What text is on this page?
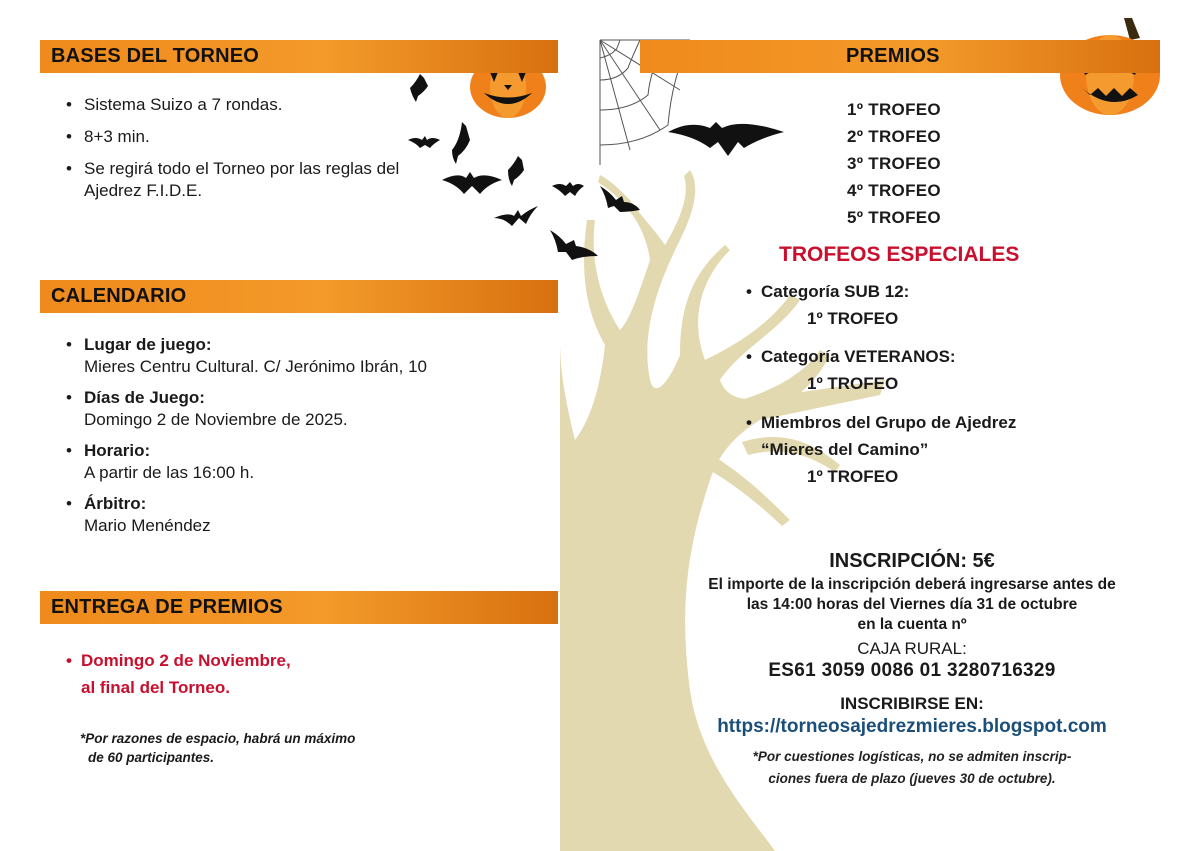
BASES DEL TORNEO
• Sistema Suizo a 7 rondas.
• 8+3 min.
• Se regirá todo el Torneo por las reglas del Ajedrez F.I.D.E.
CALENDARIO
• Lugar de juego:
Mieres Centru Cultural. C/ Jerónimo Ibrán, 10
• Días de Juego:
Domingo 2 de Noviembre de 2025.
• Horario:
A partir de las 16:00 h.
• Árbitro:
Mario Menéndez
ENTREGA DE PREMIOS
• Domingo 2 de Noviembre,
al final del Torneo.
*Por razones de espacio, habrá un máximo
de 60 participantes.
PREMIOS
1º TROFEO
2º TROFEO
3º TROFEO
4º TROFEO
5º TROFEO
TROFEOS ESPECIALES
• Categoría SUB 12:
1º TROFEO
• Categoría VETERANOS:
1º TROFEO
• Miembros del Grupo de Ajedrez
“Mieres del Camino”
1º TROFEO
INSCRIPCIÓN: 5€
El importe de la inscripción deberá ingresarse antes de
las 14:00 horas del Viernes día 31 de octubre
en la cuenta nº
CAJA RURAL:
ES61 3059 0086 01 3280716329
INSCRIBIRSE EN:
https://torneosajedrezmieres.blogspot.com
*Por cuestiones logísticas, no se admiten inscrip-
ciones fuera de plazo (jueves 30 de octubre).
